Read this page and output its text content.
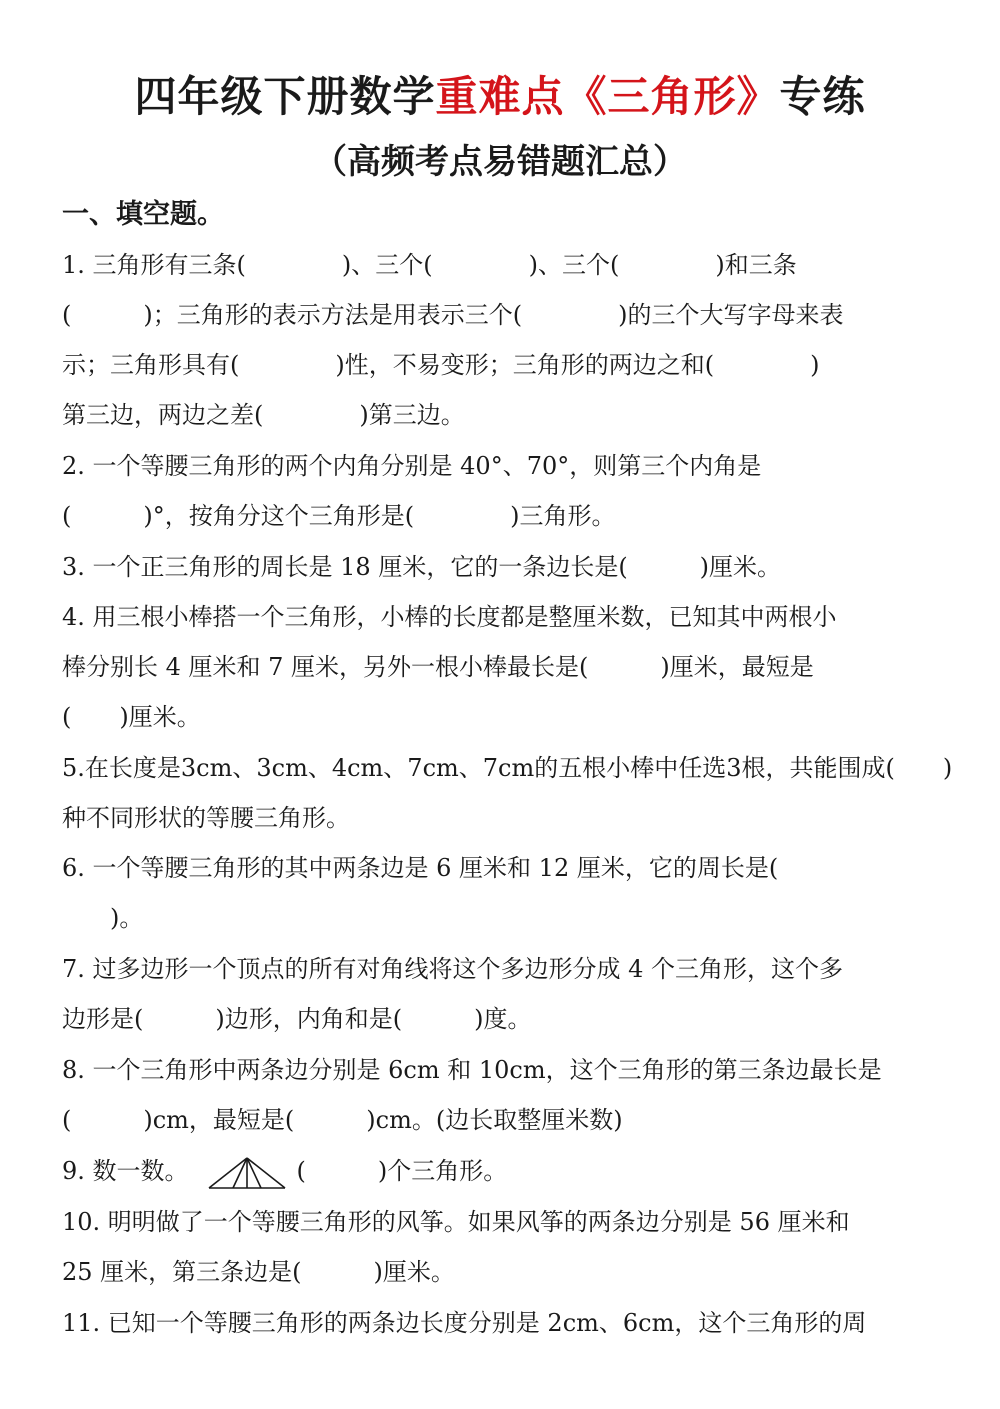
四年级下册数学重难点《三角形》专练
（高频考点易错题汇总）
一、填空题。
1. 三角形有三条(　　　　)、三个(　　　　)、三个(　　　　)和三条
(　　　)；三角形的表示方法是用表示三个(　　　　)的三个大写字母来表
示；三角形具有(　　　　)性，不易变形；三角形的两边之和(　　　　)
第三边，两边之差(　　　　)第三边。
2. 一个等腰三角形的两个内角分别是 40°、70°，则第三个内角是
(　　　)°，按角分这个三角形是(　　　　)三角形。
3. 一个正三角形的周长是 18 厘米，它的一条边长是(　　　)厘米。
4. 用三根小棒搭一个三角形，小棒的长度都是整厘米数，已知其中两根小
棒分别长 4 厘米和 7 厘米，另外一根小棒最长是(　　　)厘米，最短是
(　　)厘米。
5.在长度是3cm、3cm、4cm、7cm、7cm的五根小棒中任选3根，共能围成(　　)
种不同形状的等腰三角形。
6. 一个等腰三角形的其中两条边是 6 厘米和 12 厘米，它的周长是(
　　)。
7. 过多边形一个顶点的所有对角线将这个多边形分成 4 个三角形，这个多
边形是(　　　)边形，内角和是(　　　)度。
8. 一个三角形中两条边分别是 6cm 和 10cm，这个三角形的第三条边最长是
(　　　)cm，最短是(　　　)cm。(边长取整厘米数)
9. 数一数。	(　　　)个三角形。
10. 明明做了一个等腰三角形的风筝。如果风筝的两条边分别是 56 厘米和
25 厘米，第三条边是(　　　)厘米。
11. 已知一个等腰三角形的两条边长度分别是 2cm、6cm，这个三角形的周
